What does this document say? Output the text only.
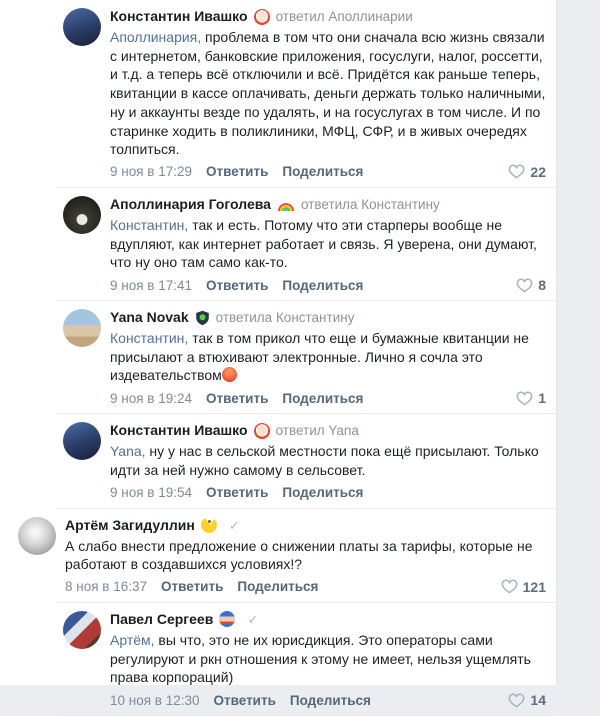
Константин Ивашко ответил Аполлинарии
Аполлинария, проблема в том что они сначала всю жизнь связали с интернетом, банковские приложения, госуслуги, налог, россетти, и т.д. а теперь всё отключили и всё. Придётся как раньше теперь, квитанции в кассе оплачивать, деньги держать только наличными, ну и аккаунты везде по удалять, и на госуслугах в том числе. И по старинке ходить в поликлиники, МФЦ, СФР, и в живых очередях толпиться.
9 ноя в 17:29 Ответить Поделиться	22
Аполлинария Гоголева ответила Константину
Константин, так и есть. Потому что эти старперы вообще не вдупляют, как интернет работает и связь. Я уверена, они думают, что ну оно там само как-то.
9 ноя в 17:41 Ответить Поделиться	8
Yana Novak ответила Константину
Константин, так в том прикол что еще и бумажные квитанции не присылают а втюхивают электронные. Лично я сочла это издевательством
9 ноя в 19:24 Ответить Поделиться	1
Константин Ивашко ответил Yana
Yana, ну у нас в сельской местности пока ещё присылают. Только идти за ней нужно самому в сельсовет.
9 ноя в 19:54 Ответить Поделиться
Артём Загидуллин	✓
А слабо внести предложение о снижении платы за тарифы, которые не работают в создавшихся условиях!?
8 ноя в 16:37 Ответить Поделиться	121
Павел Сергеев	✓
Артём, вы что, это не их юрисдикция. Это операторы сами регулируют и ркн отношения к этому не имеет, нельзя ущемлять права корпораций)
10 ноя в 12:30 Ответить Поделиться	14
